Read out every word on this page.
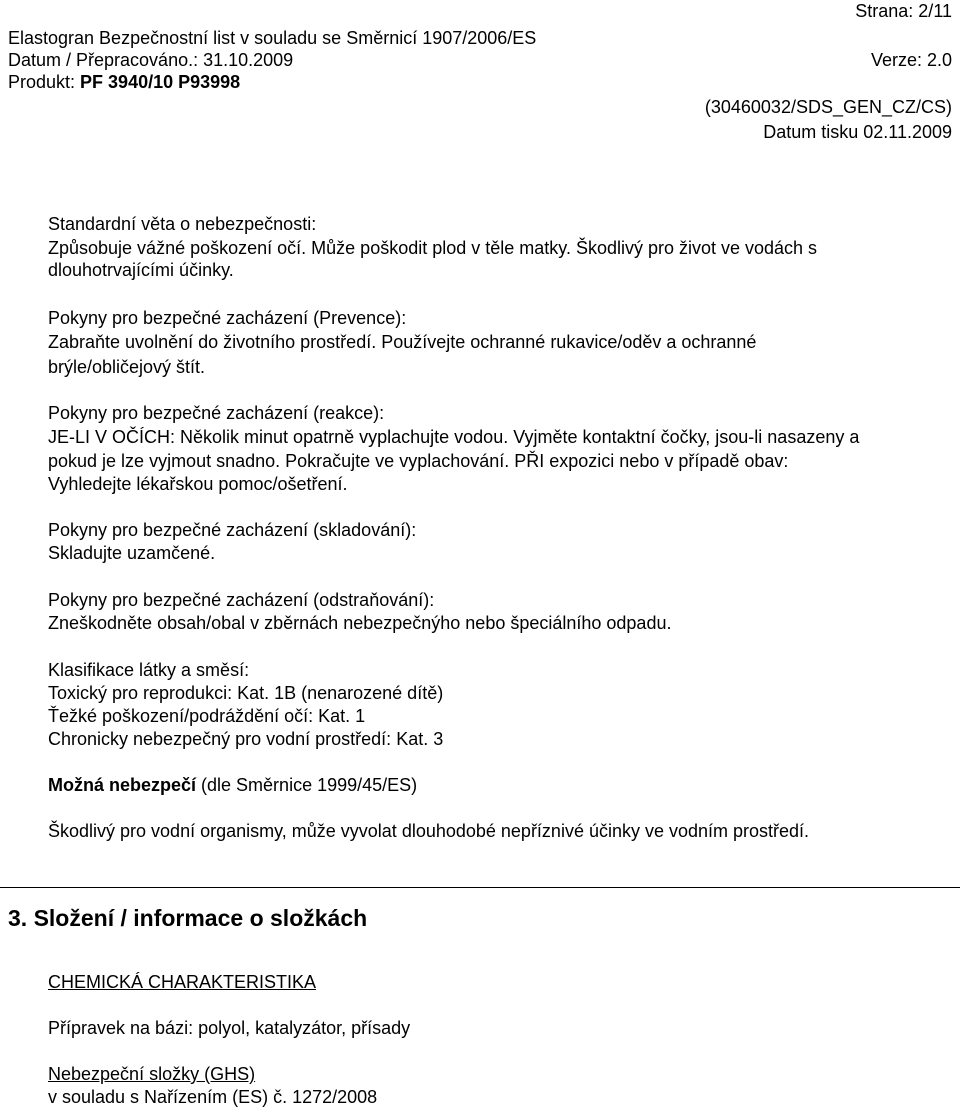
Strana: 2/11
Elastogran Bezpečnostní list v souladu se Směrnicí 1907/2006/ES
Datum / Přepracováno.: 31.10.2009	Verze: 2.0
Produkt: PF 3940/10 P93998
(30460032/SDS_GEN_CZ/CS)
Datum tisku 02.11.2009
Standardní věta o nebezpečnosti:
Způsobuje vážné poškození očí. Může poškodit plod v těle matky. Škodlivý pro život ve vodách s
dlouhotrvajícími účinky.
Pokyny pro bezpečné zacházení (Prevence):
Zabraňte uvolnění do životního prostředí. Používejte ochranné rukavice/oděv a ochranné
brýle/obličejový štít.
Pokyny pro bezpečné zacházení (reakce):
JE-LI V OČÍCH: Několik minut opatrně vyplachujte vodou. Vyjměte kontaktní čočky, jsou-li nasazeny a
pokud je lze vyjmout snadno. Pokračujte ve vyplachování. PŘI expozici nebo v případě obav:
Vyhledejte lékařskou pomoc/ošetření.
Pokyny pro bezpečné zacházení (skladování):
Skladujte uzamčené.
Pokyny pro bezpečné zacházení (odstraňování):
Zneškodněte obsah/obal v zběrnách nebezpečnýho nebo špeciálního odpadu.
Klasifikace látky a směsí:
Toxický pro reprodukci: Kat. 1B (nenarozené dítě)
Ťežké poškození/podráždění očí: Kat. 1
Chronicky nebezpečný pro vodní prostředí: Kat. 3
Možná nebezpečí (dle Směrnice 1999/45/ES)
Škodlivý pro vodní organismy, může vyvolat dlouhodobé nepříznivé účinky ve vodním prostředí.
3. Složení / informace o složkách
CHEMICKÁ CHARAKTERISTIKA
Přípravek na bázi: polyol, katalyzátor, přísady
Nebezpeční složky (GHS)
v souladu s Nařízením (ES) č. 1272/2008
